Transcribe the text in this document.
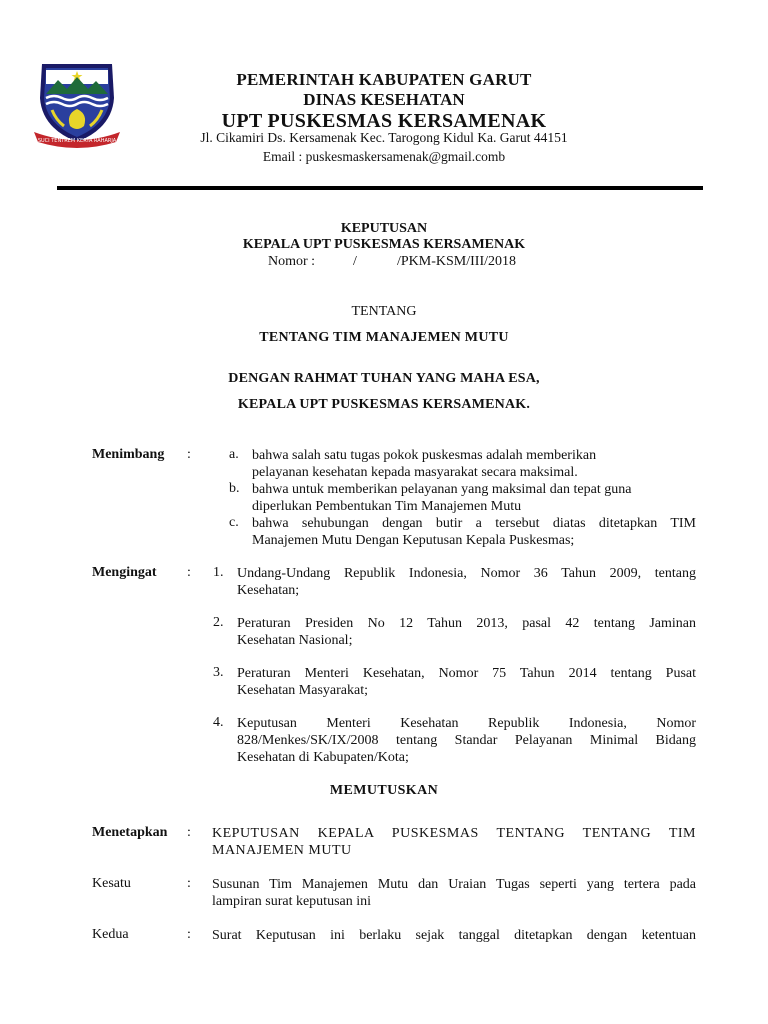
SUCI TENTREM KERTA RAHARJA
PEMERINTAH KABUPATEN GARUT
DINAS KESEHATAN
UPT PUSKESMAS KERSAMENAK
Jl. Cikamiri Ds. Kersamenak Kec. Tarogong Kidul Ka. Garut 44151
Email : puskesmaskersamenak@gmail.comb
KEPUTUSAN
KEPALA UPT PUSKESMAS KERSAMENAK
Nomor :	/	/PKM-KSM/III/2018
TENTANG
TENTANG TIM MANAJEMEN MUTU
DENGAN RAHMAT TUHAN YANG MAHA ESA,
KEPALA UPT PUSKESMAS KERSAMENAK.
Menimbang :	a. bahwa salah satu tugas pokok puskesmas adalah memberikan
pelayanan kesehatan kepada masyarakat secara maksimal.
b. bahwa untuk memberikan pelayanan yang maksimal dan tepat guna
diperlukan Pembentukan Tim Manajemen Mutu
c. bahwa sehubungan dengan butir a tersebut diatas ditetapkan TIM
Manajemen Mutu Dengan Keputusan Kepala Puskesmas;
Mengingat : 1. Undang-Undang Republik Indonesia, Nomor 36 Tahun 2009, tentang
Kesehatan;
2. Peraturan Presiden No 12 Tahun 2013, pasal 42 tentang Jaminan
Kesehatan Nasional;
3. Peraturan Menteri Kesehatan, Nomor 75 Tahun 2014 tentang Pusat
Kesehatan Masyarakat;
4. Keputusan Menteri Kesehatan Republik Indonesia, Nomor
828/Menkes/SK/IX/2008 tentang Standar Pelayanan Minimal Bidang
Kesehatan di Kabupaten/Kota;
MEMUTUSKAN
Menetapkan : KEPUTUSAN KEPALA PUSKESMAS TENTANG TENTANG TIM
MANAJEMEN MUTU
Kesatu	: Susunan Tim Manajemen Mutu dan Uraian Tugas seperti yang tertera pada
lampiran surat keputusan ini
Kedua	: Surat Keputusan ini berlaku sejak tanggal ditetapkan dengan ketentuan
